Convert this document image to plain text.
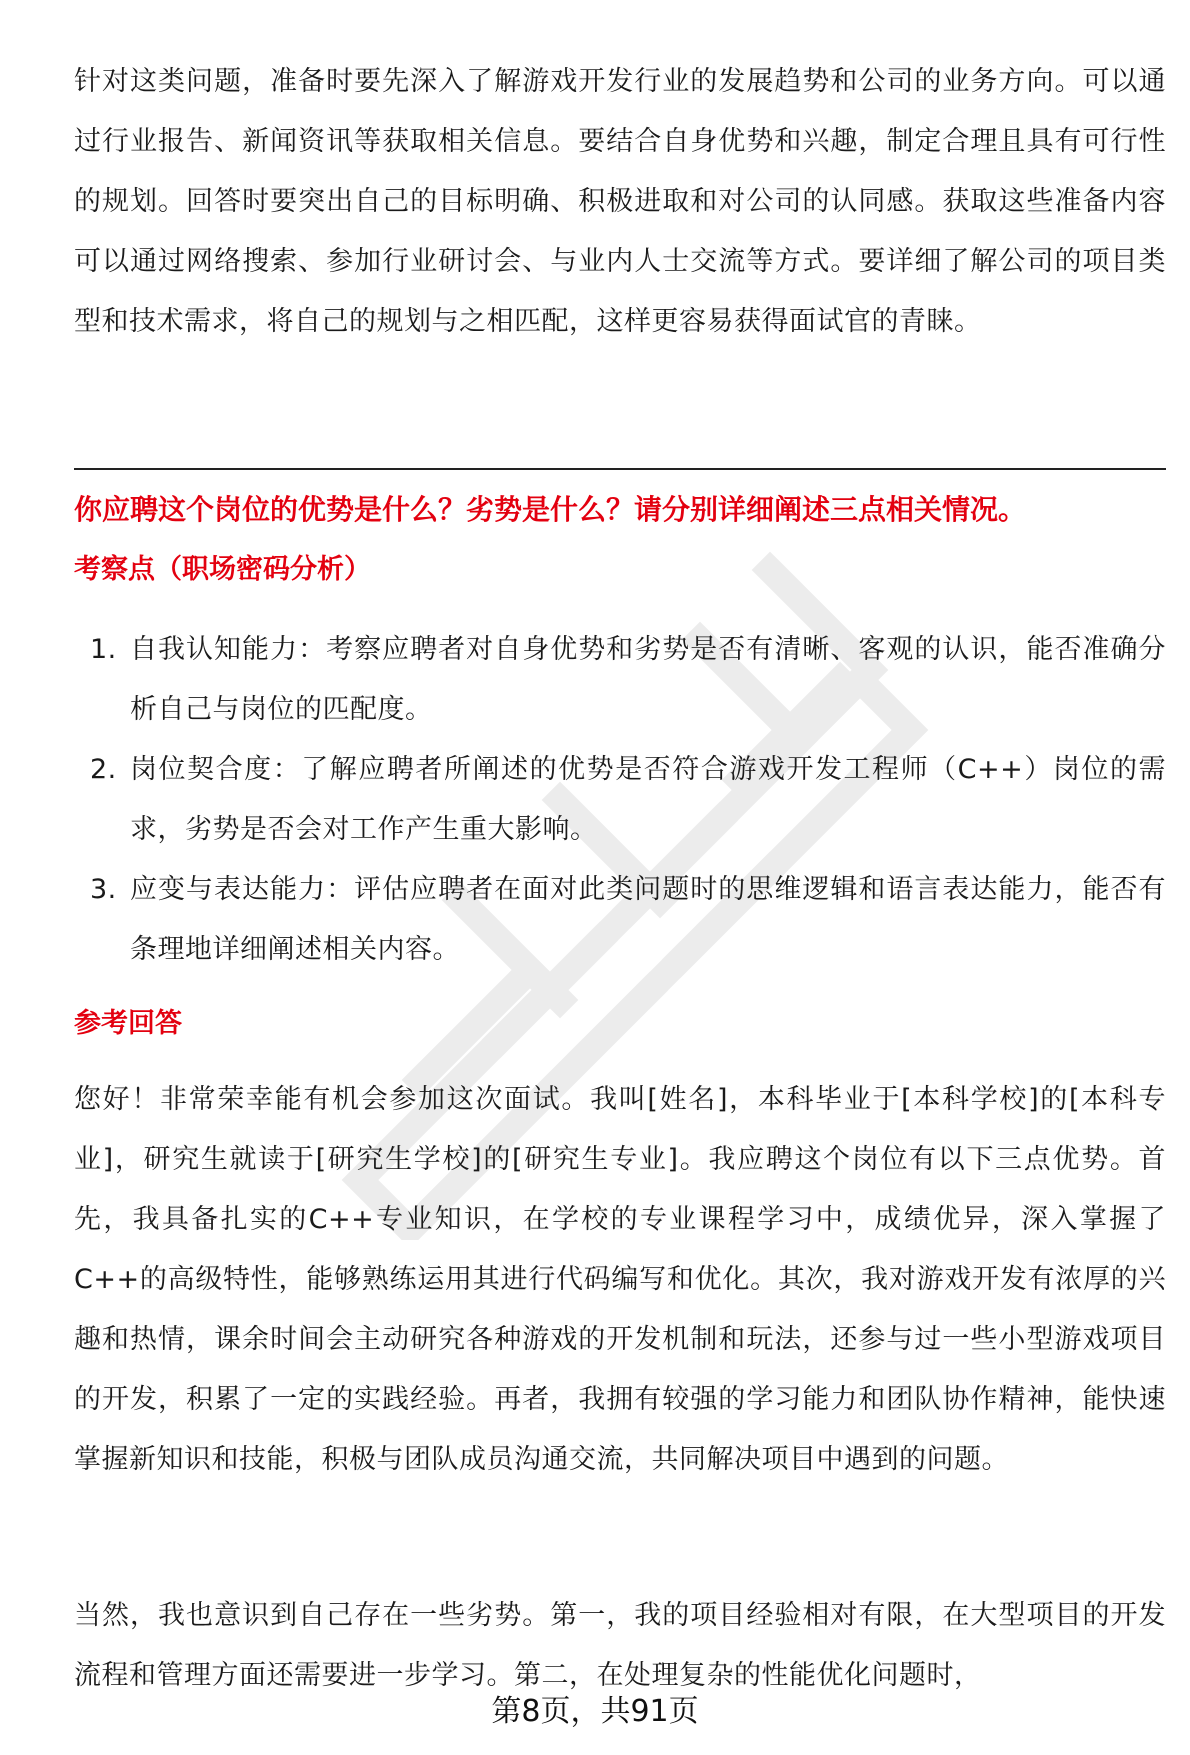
针对这类问题，准备时要先深入了解游戏开发行业的发展趋势和公司的业务方向。可以通过行业报告、新闻资讯等获取相关信息。要结合自身优势和兴趣，制定合理且具有可行性的规划。回答时要突出自己的目标明确、积极进取和对公司的认同感。获取这些准备内容可以通过网络搜索、参加行业研讨会、与业内人士交流等方式。要详细了解公司的项目类型和技术需求，将自己的规划与之相匹配，这样更容易获得面试官的青睐。

你应聘这个岗位的优势是什么？劣势是什么？请分别详细阐述三点相关情况。

考察点（职场密码分析）

1. 自我认知能力：考察应聘者对自身优势和劣势是否有清晰、客观的认识，能否准确分析自己与岗位的匹配度。
2. 岗位契合度：了解应聘者所阐述的优势是否符合游戏开发工程师（C++）岗位的需求，劣势是否会对工作产生重大影响。
3. 应变与表达能力：评估应聘者在面对此类问题时的思维逻辑和语言表达能力，能否有条理地详细阐述相关内容。

参考回答

您好！非常荣幸能有机会参加这次面试。我叫[姓名]，本科毕业于[本科学校]的[本科专业]，研究生就读于[研究生学校]的[研究生专业]。我应聘这个岗位有以下三点优势。首先，我具备扎实的C++专业知识，在学校的专业课程学习中，成绩优异，深入掌握了C++的高级特性，能够熟练运用其进行代码编写和优化。其次，我对游戏开发有浓厚的兴趣和热情，课余时间会主动研究各种游戏的开发机制和玩法，还参与过一些小型游戏项目的开发，积累了一定的实践经验。再者，我拥有较强的学习能力和团队协作精神，能快速掌握新知识和技能，积极与团队成员沟通交流，共同解决项目中遇到的问题。

当然，我也意识到自己存在一些劣势。第一，我的项目经验相对有限，在大型项目的开发流程和管理方面还需要进一步学习。第二，在处理复杂的性能优化问题时，

第8页，共91页
